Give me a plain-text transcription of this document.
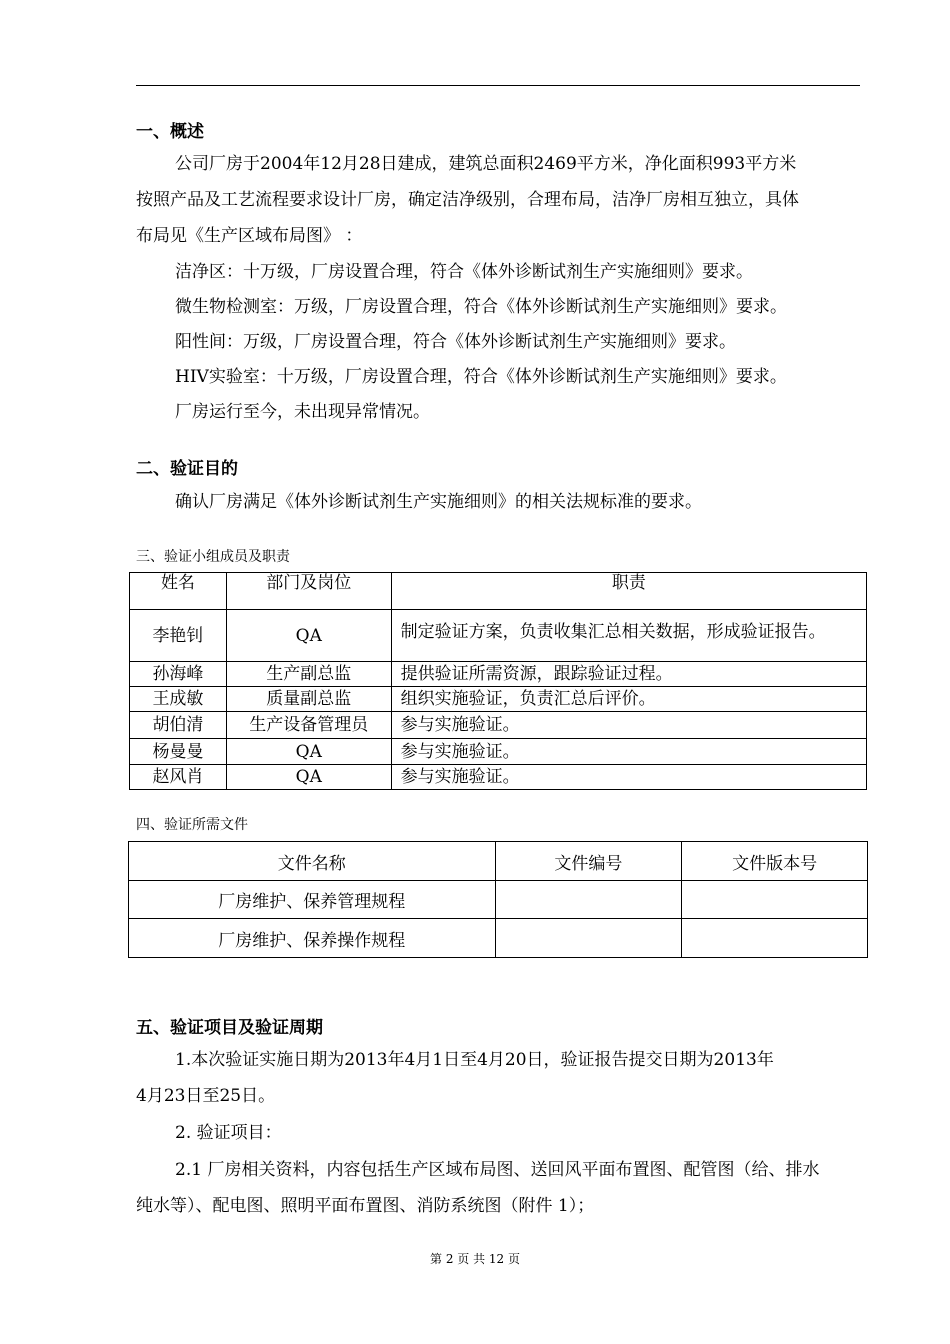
一、概述
公司厂房于2004年12月28日建成，建筑总面积2469平方米，净化面积993平方米
按照产品及工艺流程要求设计厂房，确定洁净级别，合理布局，洁净厂房相互独立，具体
布局见《生产区域布局图》 ：
洁净区：十万级，厂房设置合理，符合《体外诊断试剂生产实施细则》要求。
微生物检测室：万级，厂房设置合理，符合《体外诊断试剂生产实施细则》要求。
阳性间：万级，厂房设置合理，符合《体外诊断试剂生产实施细则》要求。
HIV实验室：十万级，厂房设置合理，符合《体外诊断试剂生产实施细则》要求。
厂房运行至今，未出现异常情况。
二、验证目的
确认厂房满足《体外诊断试剂生产实施细则》的相关法规标准的要求。
三、验证小组成员及职责
姓名	部门及岗位	职责
李艳钊	QA	制定验证方案，负责收集汇总相关数据，形成验证报告。
孙海峰	生产副总监	提供验证所需资源，跟踪验证过程。
王成敏	质量副总监	组织实施验证，负责汇总后评价。
胡伯清	生产设备管理员	参与实施验证。
杨曼曼	QA	参与实施验证。
赵风肖	QA	参与实施验证。
四、验证所需文件
文件名称	文件编号	文件版本号
厂房维护、保养管理规程		
厂房维护、保养操作规程		
五、验证项目及验证周期
1.本次验证实施日期为2013年4月1日至4月20日，验证报告提交日期为2013年
4月23日至25日。
2. 验证项目：
2.1 厂房相关资料，内容包括生产区域布局图、送回风平面布置图、配管图（给、排水
纯水等）、配电图、照明平面布置图、消防系统图（附件 1）；
第 2 页 共 12 页
